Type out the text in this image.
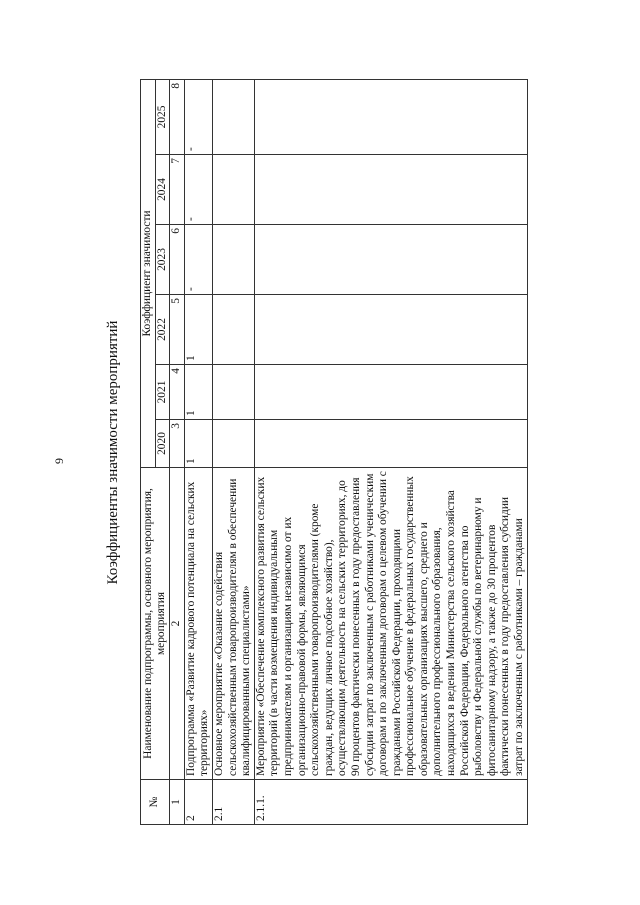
9	Коэффициенты значимости мероприятий
№	Наименование подпрограммы, основного мероприятия, мероприятия	Коэффициент значимости					
		2020	2021	2022	2023	2024	2025

1	2	3	4	5	6	7	8
2	Подпрограмма «Развитие кадрового потенциала на сельских территориях»	1	1	1	-	-	-
2.1	Основное мероприятие «Оказание содействия сельскохозяйственным товаропроизводителям в обеспечении квалифицированными специалистами»						
2.1.1.	Мероприятие «Обеспечение комплексного развития сельских территорий (в части возмещения индивидуальным предпринимателям и организациям независимо от их организационно-правовой формы, являющимся сельскохозяйственными товаропроизводителями (кроме граждан, ведущих личное подсобное хозяйство), осуществляющим деятельность на сельских территориях, до 90 процентов фактически понесенных в году предоставления субсидии затрат по заключенным с работниками ученическим договорам и по заключенным договорам о целевом обучении с гражданами Российской Федерации, проходящими профессиональное обучение в федеральных государственных образовательных организациях высшего, среднего и дополнительного профессионального образования, находящихся в ведении Министерства сельского хозяйства Российской Федерации, Федерального агентства по рыболовству и Федеральной службы по ветеринарному и фитосанитарному надзору, а также до 30 процентов фактически понесенных в году предоставления субсидии затрат по заключенным с работниками – гражданами						
